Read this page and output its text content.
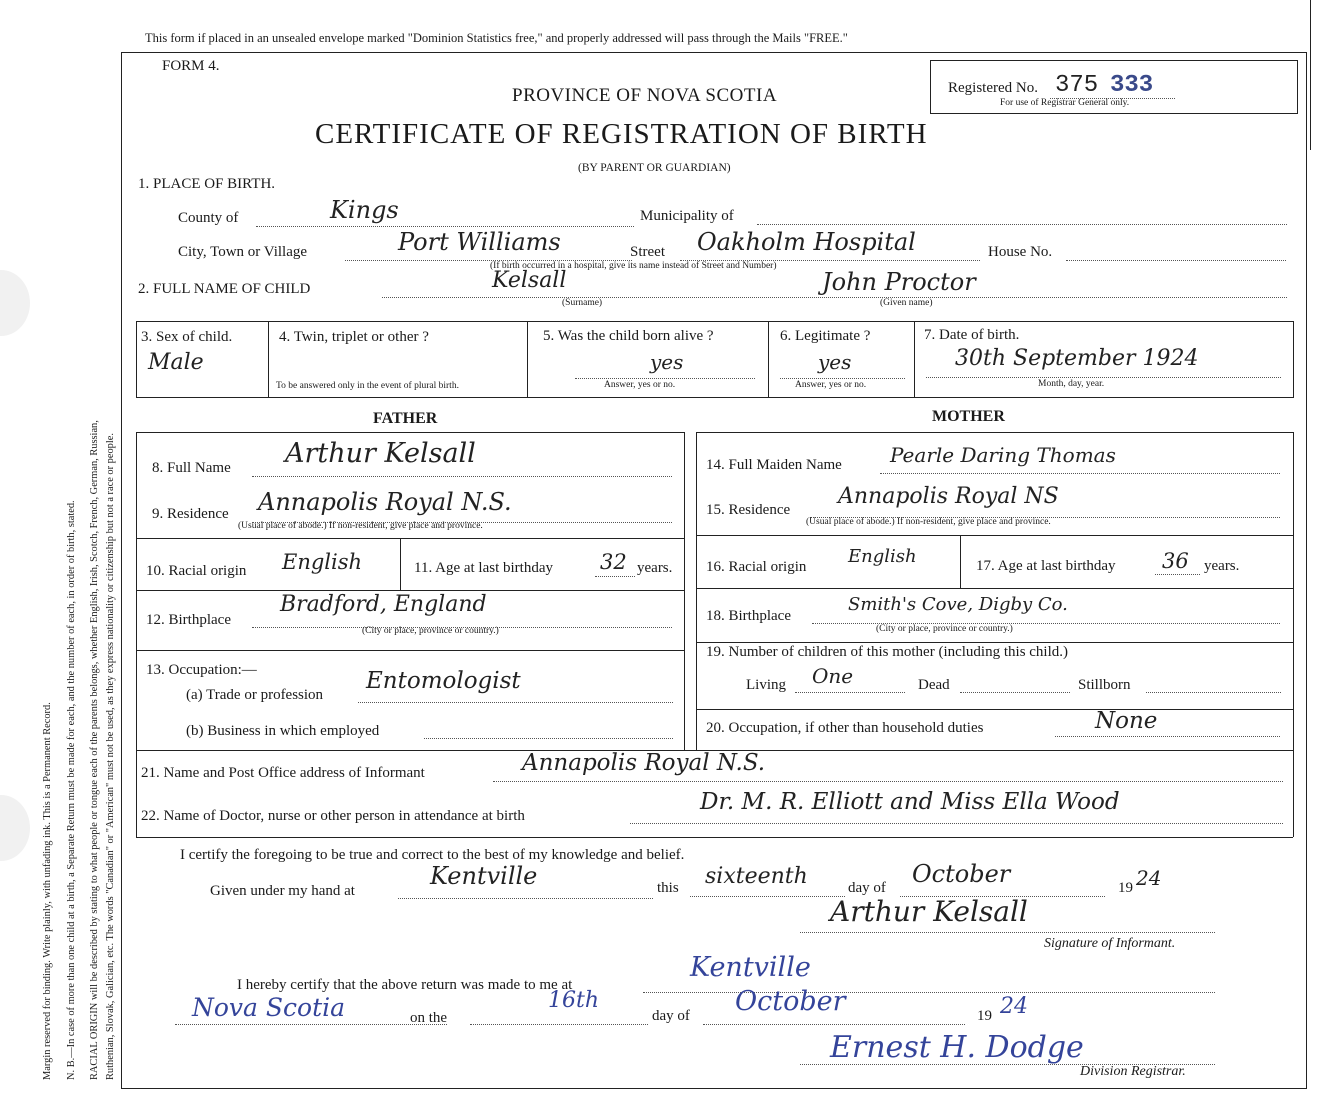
Margin reserved for binding. Write plainly, with unfading ink. This is a Permanent Record. N. B.—In case of more than one child at a birth, a Separate Return must be made for each, and the number of each, in order of birth, stated. RACIAL ORIGIN will be described by stating to what people or tongue each of the parents belongs, whether English, Irish, Scotch, French, German, Russian, Ruthenian, Slovak, Galician, etc. The words "Canadian" or "American" must not be used, as they express nationality or citizenship but not a race or people.
This form if placed in an unsealed envelope marked "Dominion Statistics free," and properly addressed will pass through the Mails "FREE."
FORM 4.
PROVINCE OF NOVA SCOTIA
CERTIFICATE OF REGISTRATION OF BIRTH
(BY PARENT OR GUARDIAN)
Registered No. 375 333
For use of Registrar General only.
1. PLACE OF BIRTH.
County of	Kings	Municipality of
City, Town or Village	Port Williams	Street Oakholm Hospital	House No.
(If birth occurred in a hospital, give its name instead of Street and Number)
2. FULL NAME OF CHILD	Kelsall	John Proctor
(Surname)	(Given name)
3. Sex of child.
Male
4. Twin, triplet or other ?
To be answered only in the event of plural birth.
5. Was the child born alive ?
yes
Answer, yes or no.
6. Legitimate ?
yes
Answer, yes or no.
7. Date of birth.
30th September 1924
Month, day, year.
FATHER	MOTHER
8. Full Name Arthur Kelsall
9. Residence Annapolis Royal N.S.
(Usual place of abode.) If non-resident, give place and province.
10. Racial origin English	11. Age at last birthday 32 years.
12. Birthplace
Bradford, England
(City or place, province or country.)
13. Occupation:—
(a) Trade or profession
Entomologist
(b) Business in which employed
14. Full Maiden Name Pearle Daring Thomas
15. Residence
Annapolis Royal NS
(Usual place of abode.) If non-resident, give place and province.
16. Racial origin English	17. Age at last birthday 36 years.
18. Birthplace
Smith's Cove, Digby Co.
(City or place, province or country.)
19. Number of children of this mother (including this child.)
Living One	Dead	Stillborn
20. Occupation, if other than household duties	None
21. Name and Post Office address of Informant	Annapolis Royal N.S.
22. Name of Doctor, nurse or other person in attendance at birth
Dr. M. R. Elliott and Miss Ella Wood
I certify the foregoing to be true and correct to the best of my knowledge and belief.
Given under my hand at
Kentville	this sixteenth	day of October	19 24
Arthur Kelsall
Signature of Informant.
I hereby certify that the above return was made to me at
Kentville
Nova Scotia	on the
16th
day of October	19 24
Ernest H. Dodge
Division Registrar.
